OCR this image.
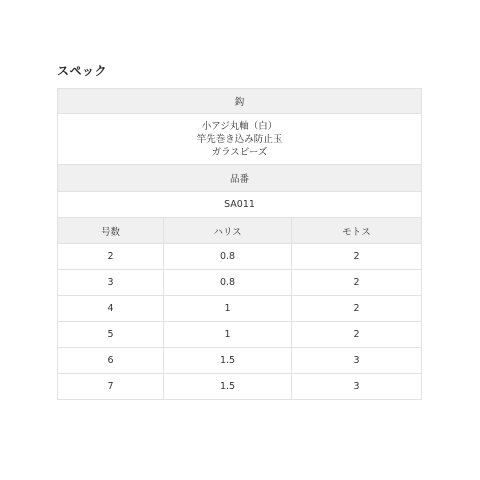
スペック
鈎		

小アジ丸軸（白）
竿先巻き込み防止玉
ガラスビーズ		

品番		
SA011		
号数	ハリス	モトス
2	0.8	2
3	0.8	2
4	1	2
5	1	2
6	1.5	3
7	1.5	3
